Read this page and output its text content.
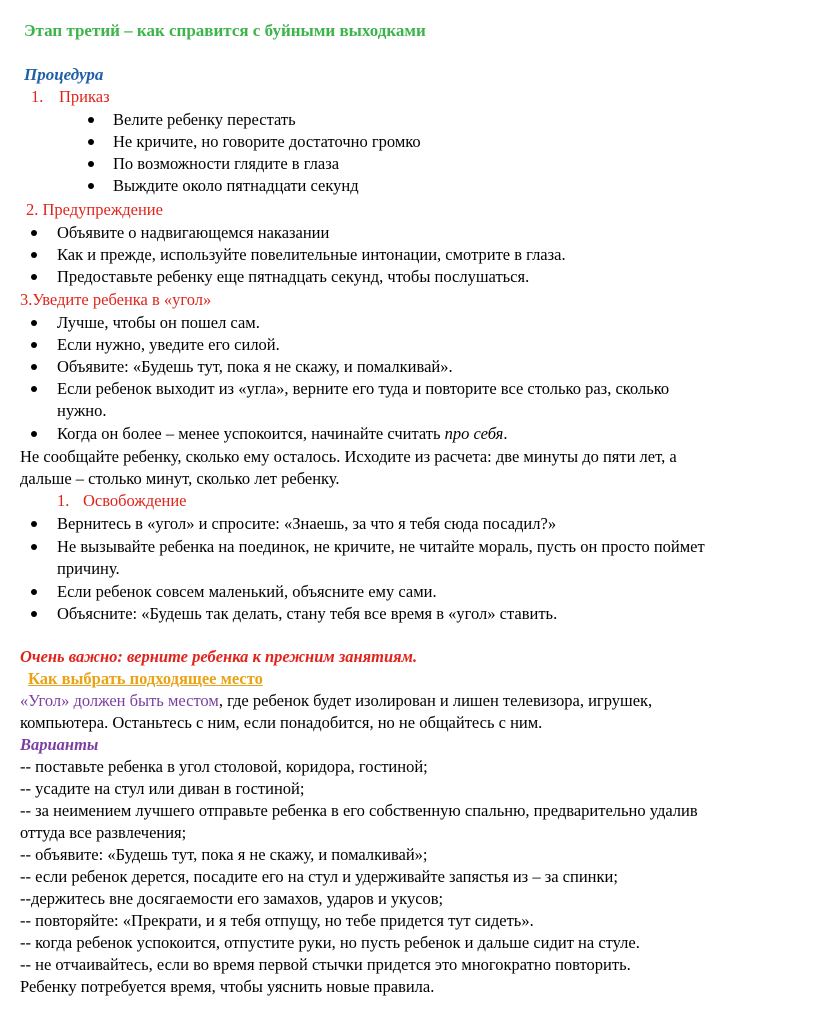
Этап третий – как справится с буйными выходками
Процедура
1. Приказ
Велите ребенку перестать
Не кричите, но говорите достаточно громко
По возможности глядите в глаза
Выждите около пятнадцати секунд
2. Предупреждение
Объявите о надвигающемся наказании
Как и прежде, используйте повелительные интонации, смотрите в глаза.
Предоставьте ребенку еще пятнадцать секунд, чтобы послушаться.
3.Уведите ребенка в «угол»
Лучше, чтобы он пошел сам.
Если нужно, уведите его силой.
Объявите: «Будешь тут, пока я не скажу, и помалкивай».
Если ребенок выходит из «угла», верните его туда и повторите все столько раз, сколько
нужно.
Когда он более – менее успокоится, начинайте считать про себя.
Не сообщайте ребенку, сколько ему осталось. Исходите из расчета: две минуты до пяти лет, а
дальше – столько минут, сколько лет ребенку.
1. Освобождение
Вернитесь в «угол» и спросите: «Знаешь, за что я тебя сюда посадил?»
Не вызывайте ребенка на поединок, не кричите, не читайте мораль, пусть он просто поймет
причину.
Если ребенок совсем маленький, объясните ему сами.
Объясните: «Будешь так делать, стану тебя все время в «угол» ставить.
Очень важно: верните ребенка к прежним занятиям.
Как выбрать подходящее место
«Угол» должен быть местом, где ребенок будет изолирован и лишен телевизора, игрушек,
компьютера. Останьтесь с ним, если понадобится, но не общайтесь с ним.
Варианты
-- поставьте ребенка в угол столовой, коридора, гостиной;
-- усадите на стул или диван в гостиной;
-- за неимением лучшего отправьте ребенка в его собственную спальню, предварительно удалив
оттуда все развлечения;
-- объявите: «Будешь тут, пока я не скажу, и помалкивай»;
-- если ребенок дерется, посадите его на стул и удерживайте запястья из – за спинки;
--держитесь вне досягаемости его замахов, ударов и укусов;
-- повторяйте: «Прекрати, и я тебя отпущу, но тебе придется тут сидеть».
-- когда ребенок успокоится, отпустите руки, но пусть ребенок и дальше сидит на стуле.
-- не отчаивайтесь, если во время первой стычки придется это многократно повторить.
Ребенку потребуется время, чтобы уяснить новые правила.
